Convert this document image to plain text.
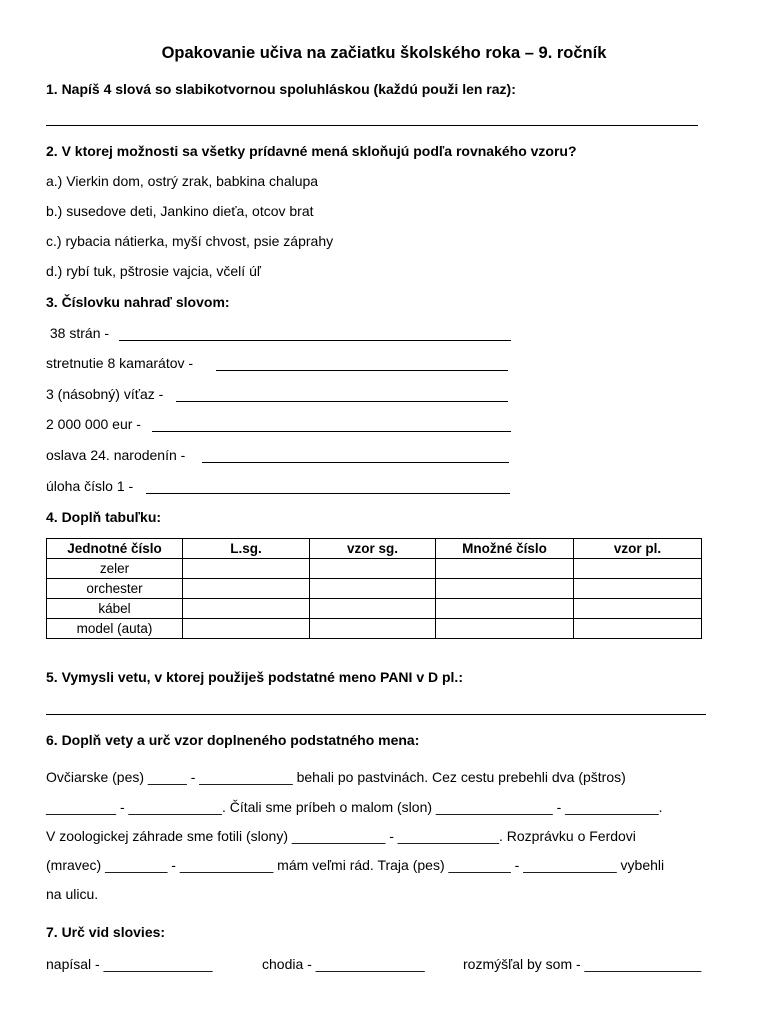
Opakovanie učiva na začiatku školského roka – 9. ročník
1. Napíš 4 slová so slabikotvornou spoluhláskou (každú použi len raz):
2. V ktorej možnosti sa všetky prídavné mená skloňujú podľa rovnakého vzoru?
a.) Vierkin dom, ostrý zrak, babkina chalupa
b.) susedove deti, Jankino dieťa, otcov brat
c.) rybacia nátierka, myší chvost, psie záprahy
d.) rybí tuk, pštrosie vajcia, včelí úľ
3. Číslovku nahraď slovom:
38 strán -
stretnutie 8 kamarátov -
3 (násobný) víťaz -
2 000 000 eur -
oslava 24. narodenín -
úloha číslo 1 -
4. Doplň tabuľku:
Jednotné číslo	L.sg.	vzor sg.	Množné číslo	vzor pl.
zeler				
orchester				
kábel				
model (auta)				
5. Vymysli vetu, v ktorej použiješ podstatné meno PANI v D pl.:
6. Doplň vety a urč vzor doplneného podstatného mena:
Ovčiarske (pes) _____ - ____________ behali po pastvinách. Cez cestu prebehli dva (pštros)
_________ - ____________. Čítali sme príbeh o malom (slon) _______________ - ____________.
V zoologickej záhrade sme fotili (slony) ____________ - _____________. Rozprávku o Ferdovi
(mravec) ________ - ____________ mám veľmi rád. Traja (pes) ________ - ____________ vybehli
na ulicu.
7. Urč vid slovies:
napísal - ______________	chodia - ______________	rozmýšľal by som - _______________
